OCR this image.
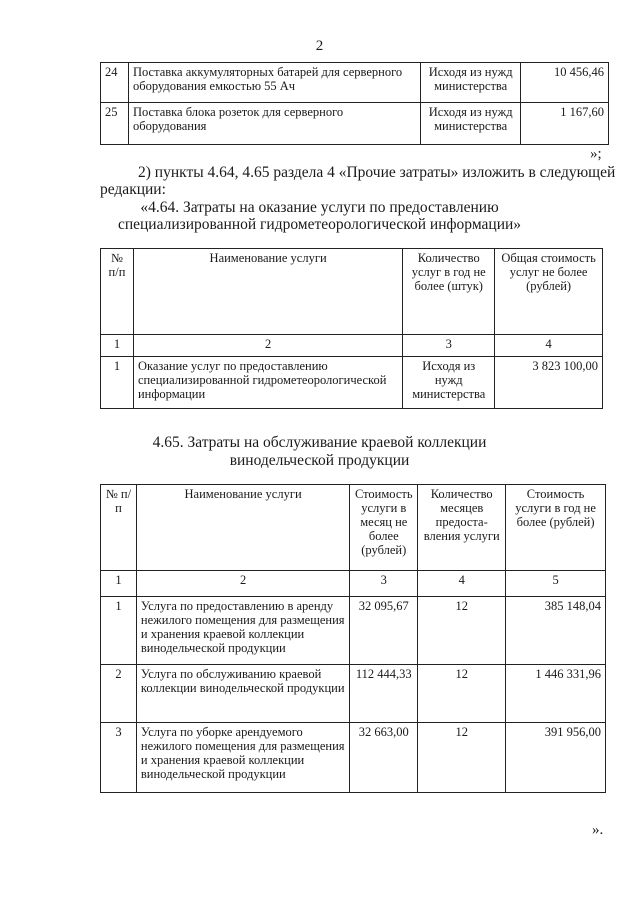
2
24	Поставка аккумуляторных батарей для серверного оборудования емкостью 55 Ач	Исходя из нужд министерства	10 456,46
25	Поставка блока розеток для серверного оборудования	Исходя из нужд министерства	1 167,60
»;
2) пункты 4.64, 4.65 раздела 4 «Прочие затраты» изложить в следующей
редакции:
«4.64. Затраты на оказание услуги по предоставлению
специализированной гидрометеорологической информации»
№ п/п	Наименование услуги	Количество услуг в год не более (штук)	Общая стоимость услуг не более (рублей)
1	2	3	4
1	Оказание услуг по предоставлению специализированной гидрометеорологической информации	Исходя из нужд министерства	3 823 100,00
4.65. Затраты на обслуживание краевой коллекции
винодельческой продукции
№ п/п	Наименование услуги	Стоимость услуги в месяц не более (рублей)	Количество месяцев предоста-вления услуги	Стоимость услуги в год не более (рублей)
1	2	3	4	5
1	Услуга по предоставлению в аренду нежилого помещения для размещения и хранения краевой коллекции винодельческой продукции	32 095,67	12	385 148,04
2	Услуга по обслуживанию краевой коллекции винодельческой продукции	112 444,33	12	1 446 331,96
3	Услуга по уборке арендуемого нежилого помещения для размещения и хранения краевой коллекции винодельческой продукции	32 663,00	12	391 956,00
».
